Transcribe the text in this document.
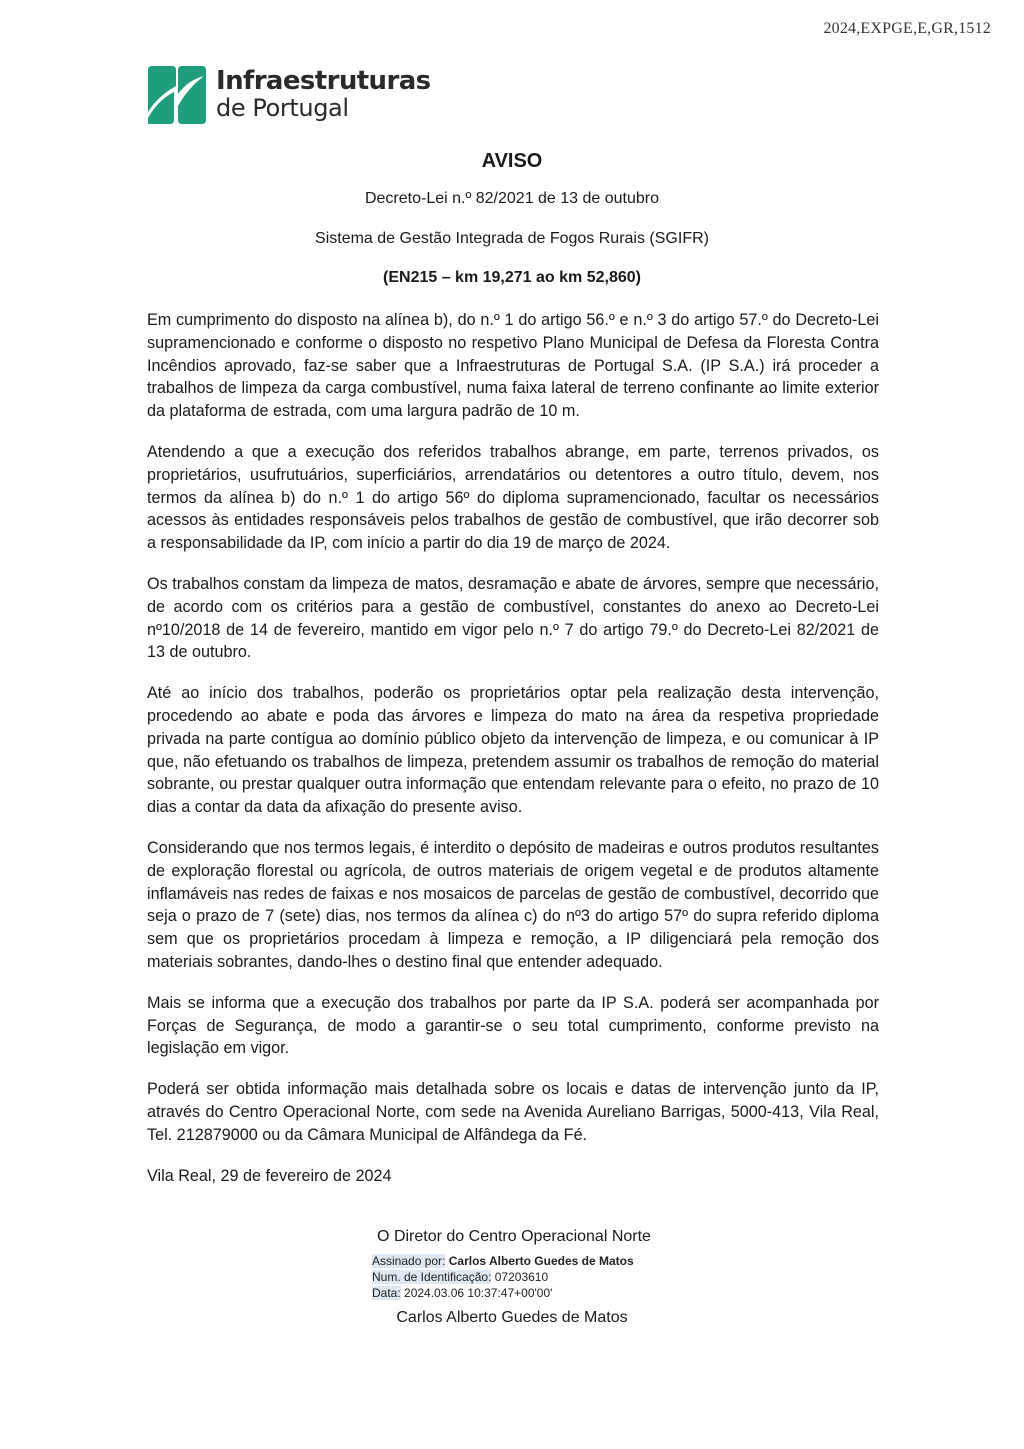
2024,EXPGE,E,GR,1512
Infraestruturas
de Portugal
AVISO
Decreto-Lei n.º 82/2021 de 13 de outubro
Sistema de Gestão Integrada de Fogos Rurais (SGIFR)
(EN215 – km 19,271 ao km 52,860)

Em cumprimento do disposto na alínea b), do n.º 1 do artigo 56.º e n.º 3 do artigo 57.º do Decreto-Lei supramencionado e conforme o disposto no respetivo Plano Municipal de Defesa da Floresta Contra Incêndios aprovado, faz-se saber que a Infraestruturas de Portugal S.A. (IP S.A.) irá proceder a trabalhos de limpeza da carga combustível, numa faixa lateral de terreno confinante ao limite exterior da plataforma de estrada, com uma largura padrão de 10 m.

Atendendo a que a execução dos referidos trabalhos abrange, em parte, terrenos privados, os proprietários, usufrutuários, superficiários, arrendatários ou detentores a outro título, devem, nos termos da alínea b) do n.º 1 do artigo 56º do diploma supramencionado, facultar os necessários acessos às entidades responsáveis pelos trabalhos de gestão de combustível, que irão decorrer sob a responsabilidade da IP, com início a partir do dia 19 de março de 2024.

Os trabalhos constam da limpeza de matos, desramação e abate de árvores, sempre que necessário, de acordo com os critérios para a gestão de combustível, constantes do anexo ao Decreto-Lei nº10/2018 de 14 de fevereiro, mantido em vigor pelo n.º 7 do artigo 79.º do Decreto-Lei 82/2021 de 13 de outubro.

Até ao início dos trabalhos, poderão os proprietários optar pela realização desta intervenção, procedendo ao abate e poda das árvores e limpeza do mato na área da respetiva propriedade privada na parte contígua ao domínio público objeto da intervenção de limpeza, e ou comunicar à IP que, não efetuando os trabalhos de limpeza, pretendem assumir os trabalhos de remoção do material sobrante, ou prestar qualquer outra informação que entendam relevante para o efeito, no prazo de 10 dias a contar da data da afixação do presente aviso.

Considerando que nos termos legais, é interdito o depósito de madeiras e outros produtos resultantes de exploração florestal ou agrícola, de outros materiais de origem vegetal e de produtos altamente inflamáveis nas redes de faixas e nos mosaicos de parcelas de gestão de combustível, decorrido que seja o prazo de 7 (sete) dias, nos termos da alínea c) do nº3 do artigo 57º do supra referido diploma sem que os proprietários procedam à limpeza e remoção, a IP diligenciará pela remoção dos materiais sobrantes, dando-lhes o destino final que entender adequado.

Mais se informa que a execução dos trabalhos por parte da IP S.A. poderá ser acompanhada por Forças de Segurança, de modo a garantir-se o seu total cumprimento, conforme previsto na legislação em vigor.

Poderá ser obtida informação mais detalhada sobre os locais e datas de intervenção junto da IP, através do Centro Operacional Norte, com sede na Avenida Aureliano Barrigas, 5000-413, Vila Real, Tel. 212879000 ou da Câmara Municipal de Alfândega da Fé.

Vila Real, 29 de fevereiro de 2024

O Diretor do Centro Operacional Norte
Assinado por: Carlos Alberto Guedes de Matos
Num. de Identificação: 07203610
Data: 2024.03.06 10:37:47+00'00'
Carlos Alberto Guedes de Matos
